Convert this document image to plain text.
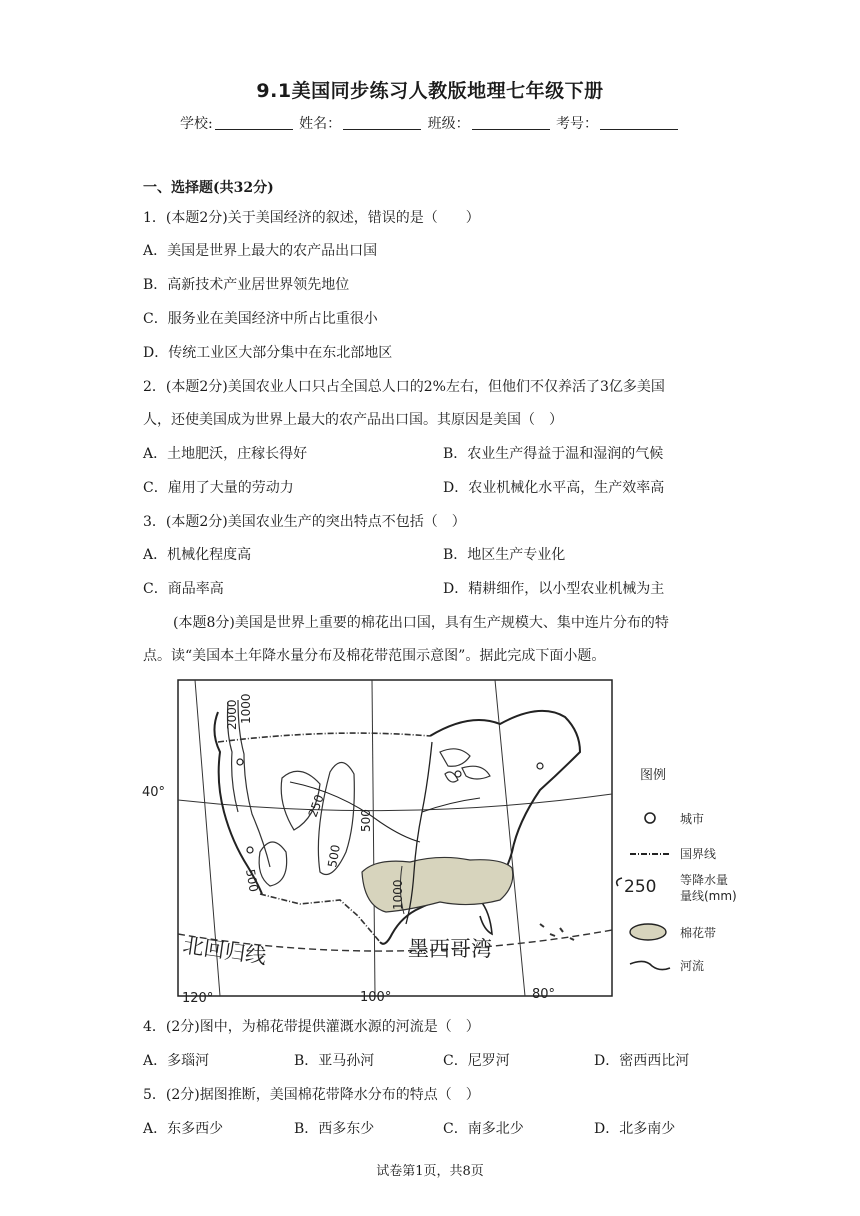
9.1美国同步练习人教版地理七年级下册
学校:	姓名：	班级：	考号：
一、选择题(共32分)
1．(本题2分)关于美国经济的叙述，错误的是（　　）
A．美国是世界上最大的农产品出口国
B．高新技术产业居世界领先地位
C．服务业在美国经济中所占比重很小
D．传统工业区大部分集中在东北部地区
2．(本题2分)美国农业人口只占全国总人口的2%左右，但他们不仅养活了3亿多美国
人，还使美国成为世界上最大的农产品出口国。其原因是美国（　）
A．土地肥沃，庄稼长得好	B．农业生产得益于温和湿润的气候
C．雇用了大量的劳动力	D．农业机械化水平高，生产效率高
3．(本题2分)美国农业生产的突出特点不包括（　）
A．机械化程度高	B．地区生产专业化
C．商品率高	D．精耕细作，以小型农业机械为主
(本题8分)美国是世界上重要的棉花出口国，具有生产规模大、集中连片分布的特
点。读“美国本土年降水量分布及棉花带范围示意图”。据此完成下面小题。
40°
120°	100°	80°
北回归线	墨西哥湾
2000 1000
250
500
500
500	1000
图例
城市
国界线
250 等降水量
量线(mm)
棉花带
河流
4．(2分)图中，为棉花带提供灌溉水源的河流是（　）
A．多瑙河	B．亚马孙河	C．尼罗河	D．密西西比河
5．(2分)据图推断，美国棉花带降水分布的特点（　）
A．东多西少	B．西多东少	C．南多北少	D．北多南少
试卷第1页，共8页
